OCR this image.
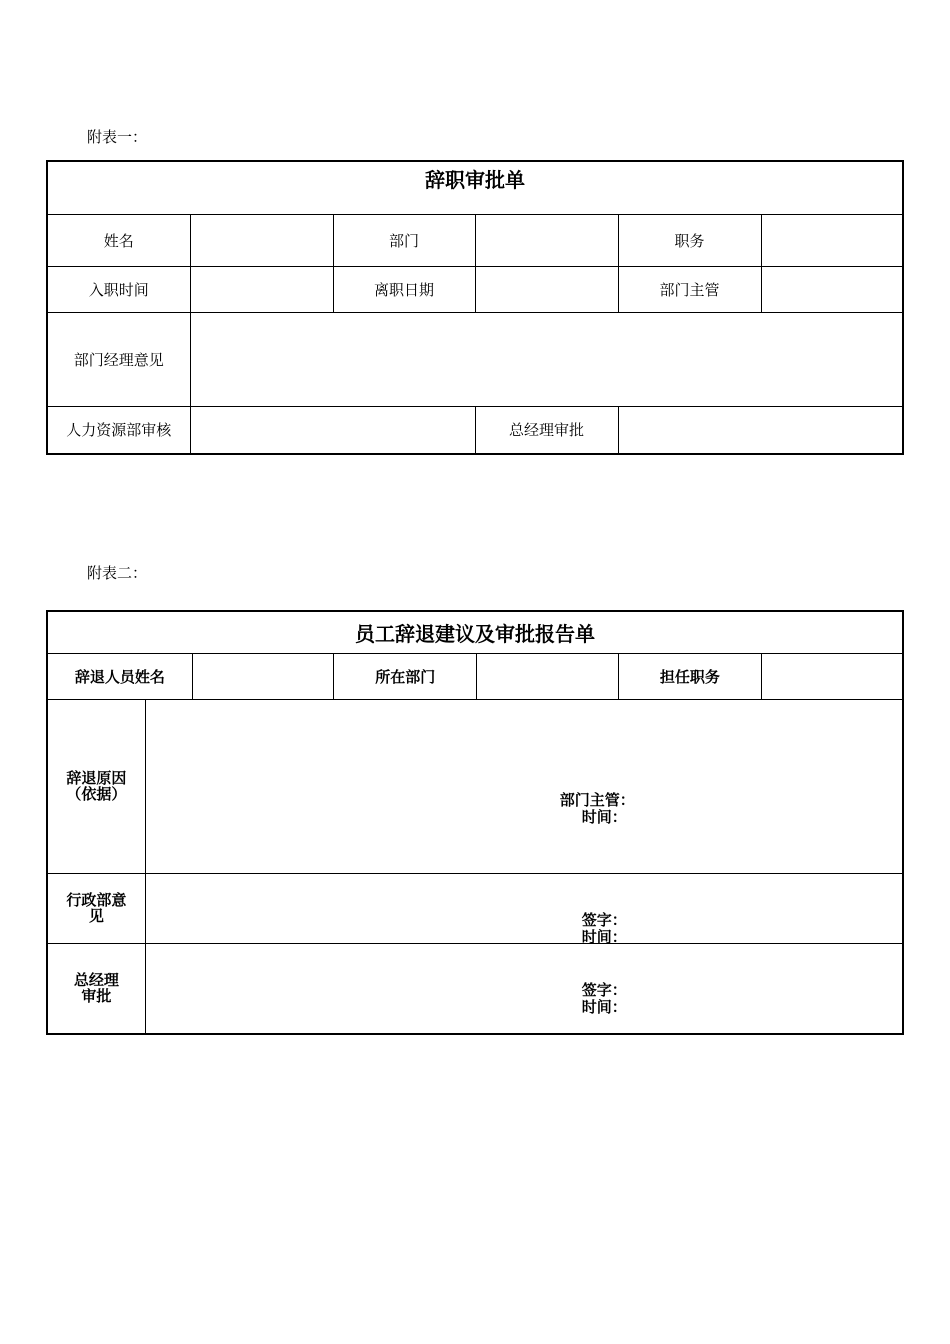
附表一：
辞职审批单					
姓名		部门		职务	
入职时间		离职日期		部门主管	
部门经理意见					
人力资源部审核			总经理审批		
附表二：
员工辞退建议及审批报告单						
辞退人员姓名			所在部门		担任职务	
辞退原因
（依据）	部门主管：
时间：					

行政部意
见	签字：
时间：					

总经理
审批	签字：
时间：					
